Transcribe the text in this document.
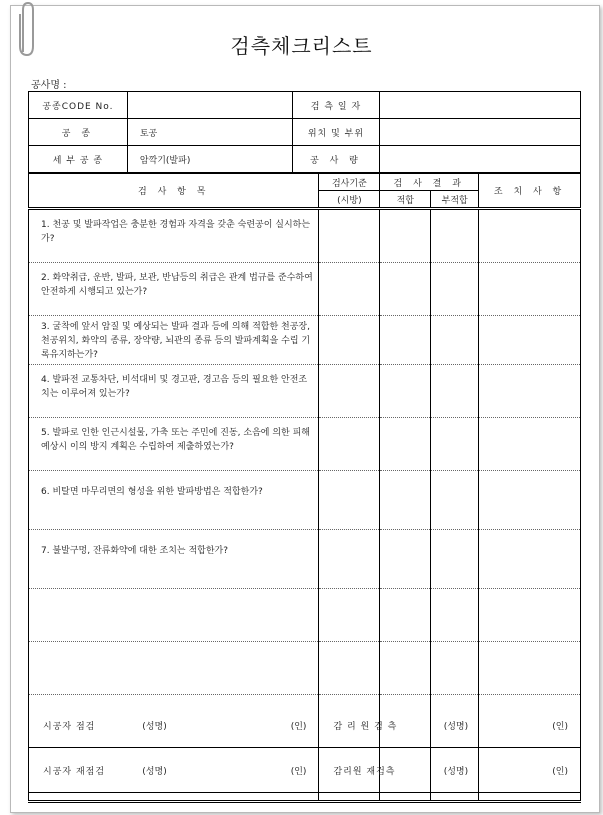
검측체크리스트
공사명 :
공종CODE No.		검 측 일 자	
공 종	토공	위치 및 부위	
세 부 공 종	암깍기(발파)	공 사 량	
검 사 항 목	검사기준	검 사 결 과		조 치 사 항
	(시방)	적합	부적합	
1. 천공 및 발파작업은 충분한 경험과 자격을 갖춘 숙련공이 실시하는가?				
2. 화약취급, 운반, 발파, 보관, 반납등의 취급은 관계 법규를 준수하여 안전하게 시행되고 있는가?				
3. 굴착에 앞서 암질 및 예상되는 발파 결과 등에 의해 적합한 천공장, 천공위치, 화약의 종류, 장약량, 뇌관의 종류 등의 발파계획을 수립 기록유지하는가?				
4. 발파전 교통차단, 비석대비 및 경고판, 경고음 등의 필요한 안전조치는 이루어져 있는가?				
5. 발파로 인한 인근시설물, 가축 또는 주민에 진동, 소음에 의한 피해예상시 이의 방지 계획은 수립하여 제출하였는가?				
6. 비탈면 마무리면의 형성을 위한 발파방법은 적합한가?				
7. 불발구멍, 잔류화약에 대한 조치는 적합한가?				

시공자 점검	(성명)	(인)	감 리 원 검 측	(성명)	(인)
시공자 재점검	(성명)	(인)	감리원 재검측	(성명)	(인)
